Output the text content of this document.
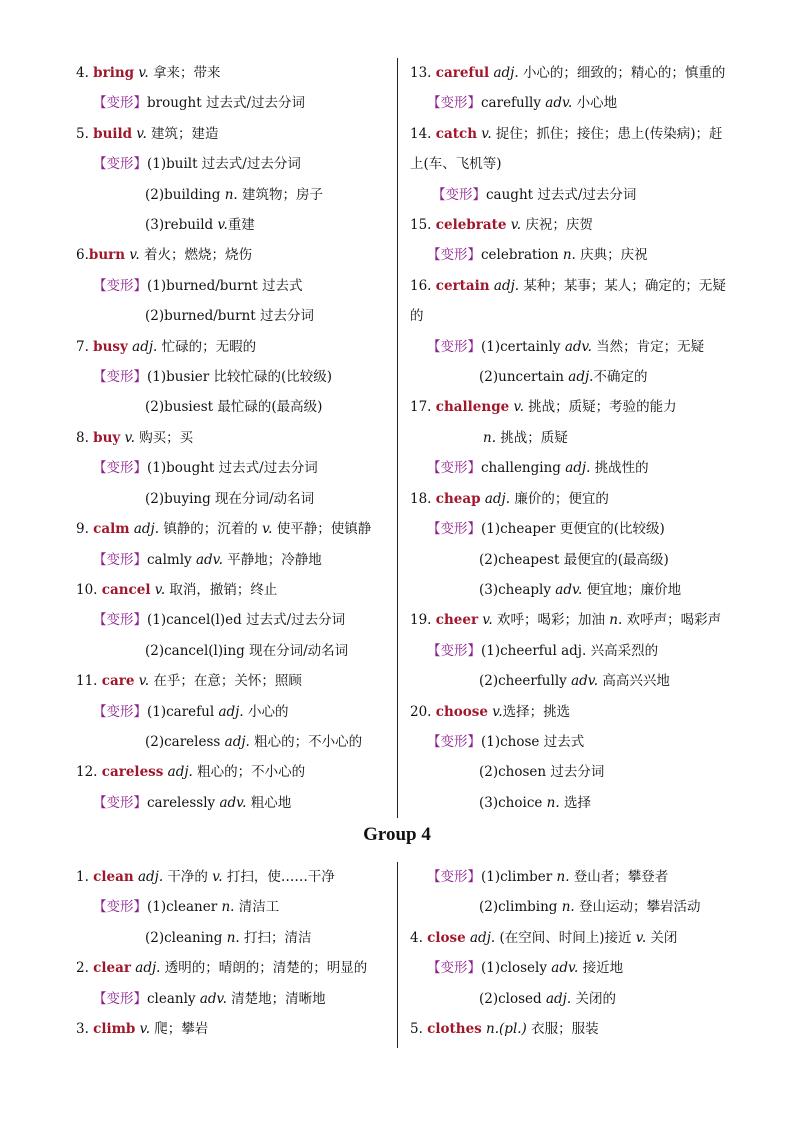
4. bring v. 拿来；带来
【变形】brought 过去式/过去分词
5. build v. 建筑；建造
【变形】(1)built 过去式/过去分词
(2)building n. 建筑物；房子
(3)rebuild v.重建
6.burn v. 着火；燃烧；烧伤
【变形】(1)burned/burnt 过去式
(2)burned/burnt 过去分词
7. busy adj. 忙碌的；无暇的
【变形】(1)busier 比较忙碌的(比较级)
(2)busiest 最忙碌的(最高级)
8. buy v. 购买；买
【变形】(1)bought 过去式/过去分词
(2)buying 现在分词/动名词
9. calm adj. 镇静的；沉着的 v. 使平静；使镇静
【变形】calmly adv. 平静地；冷静地
10. cancel v. 取消，撤销；终止
【变形】(1)cancel(l)ed 过去式/过去分词
(2)cancel(l)ing 现在分词/动名词
11. care v. 在乎；在意；关怀；照顾
【变形】(1)careful adj. 小心的
(2)careless adj. 粗心的；不小心的
12. careless adj. 粗心的；不小心的
【变形】carelessly adv. 粗心地
13. careful adj. 小心的；细致的；精心的；慎重的
【变形】carefully adv. 小心地
14. catch v. 捉住；抓住；接住；患上(传染病)；赶
上(车、飞机等)
【变形】caught 过去式/过去分词
15. celebrate v. 庆祝；庆贺
【变形】celebration n. 庆典；庆祝
16. certain adj. 某种；某事；某人；确定的；无疑
的
【变形】(1)certainly adv. 当然；肯定；无疑
(2)uncertain adj.不确定的
17. challenge v. 挑战；质疑；考验的能力
n. 挑战；质疑
【变形】challenging adj. 挑战性的
18. cheap adj. 廉价的；便宜的
【变形】(1)cheaper 更便宜的(比较级)
(2)cheapest 最便宜的(最高级)
(3)cheaply adv. 便宜地；廉价地
19. cheer v. 欢呼；喝彩；加油 n. 欢呼声；喝彩声
【变形】(1)cheerful adj. 兴高采烈的
(2)cheerfully adv. 高高兴兴地
20. choose v.选择；挑选
【变形】(1)chose 过去式
(2)chosen 过去分词
(3)choice n. 选择
Group 4
1. clean adj. 干净的 v. 打扫，使……干净
【变形】(1)cleaner n. 清洁工
(2)cleaning n. 打扫；清洁
2. clear adj. 透明的；晴朗的；清楚的；明显的
【变形】cleanly adv. 清楚地；清晰地
3. climb v. 爬；攀岩
【变形】(1)climber n. 登山者；攀登者
(2)climbing n. 登山运动；攀岩活动
4. close adj. (在空间、时间上)接近 v. 关闭
【变形】(1)closely adv. 接近地
(2)closed adj. 关闭的
5. clothes n.(pl.) 衣服；服装
